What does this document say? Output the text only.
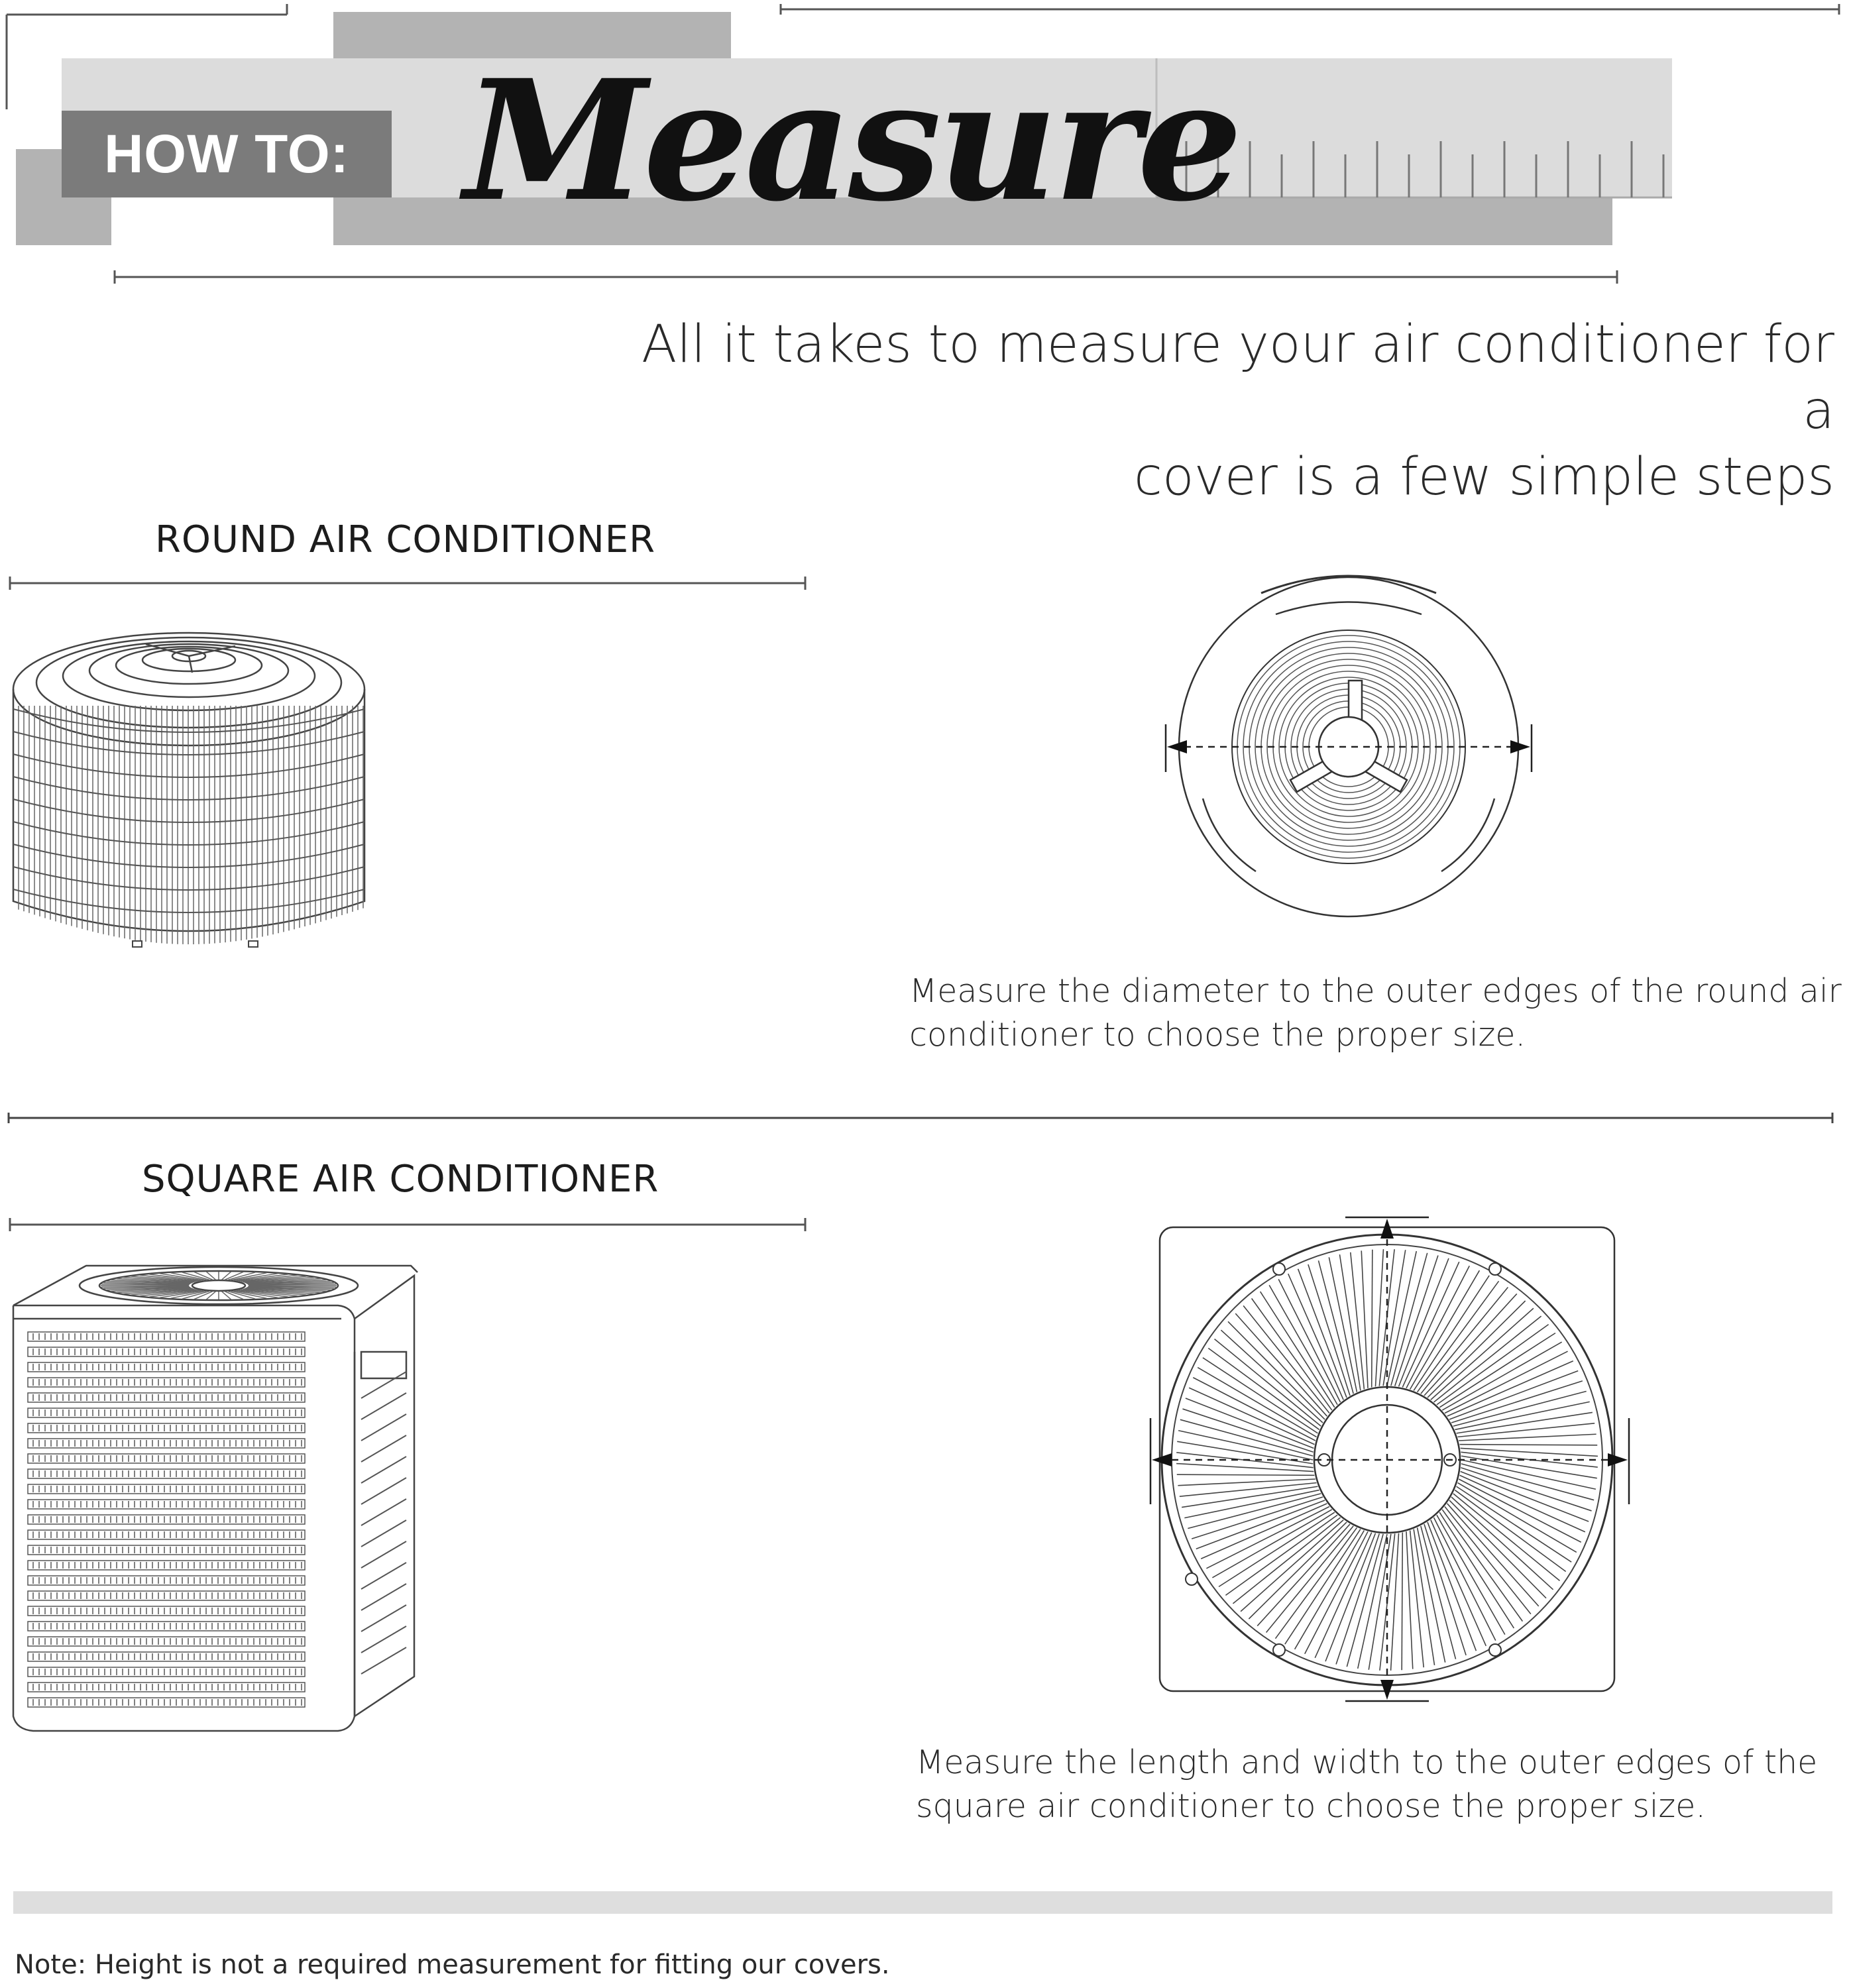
HOW TO: Measure
All it takes to measure your air conditioner for a
cover is a few simple steps
ROUND AIR CONDITIONER
Measure the diameter to the outer edges of the round air
conditioner to choose the proper size.
SQUARE AIR CONDITIONER
Measure the length and width to the outer edges of the
square air conditioner to choose the proper size.
Note: Height is not a required measurement for fitting our covers.
